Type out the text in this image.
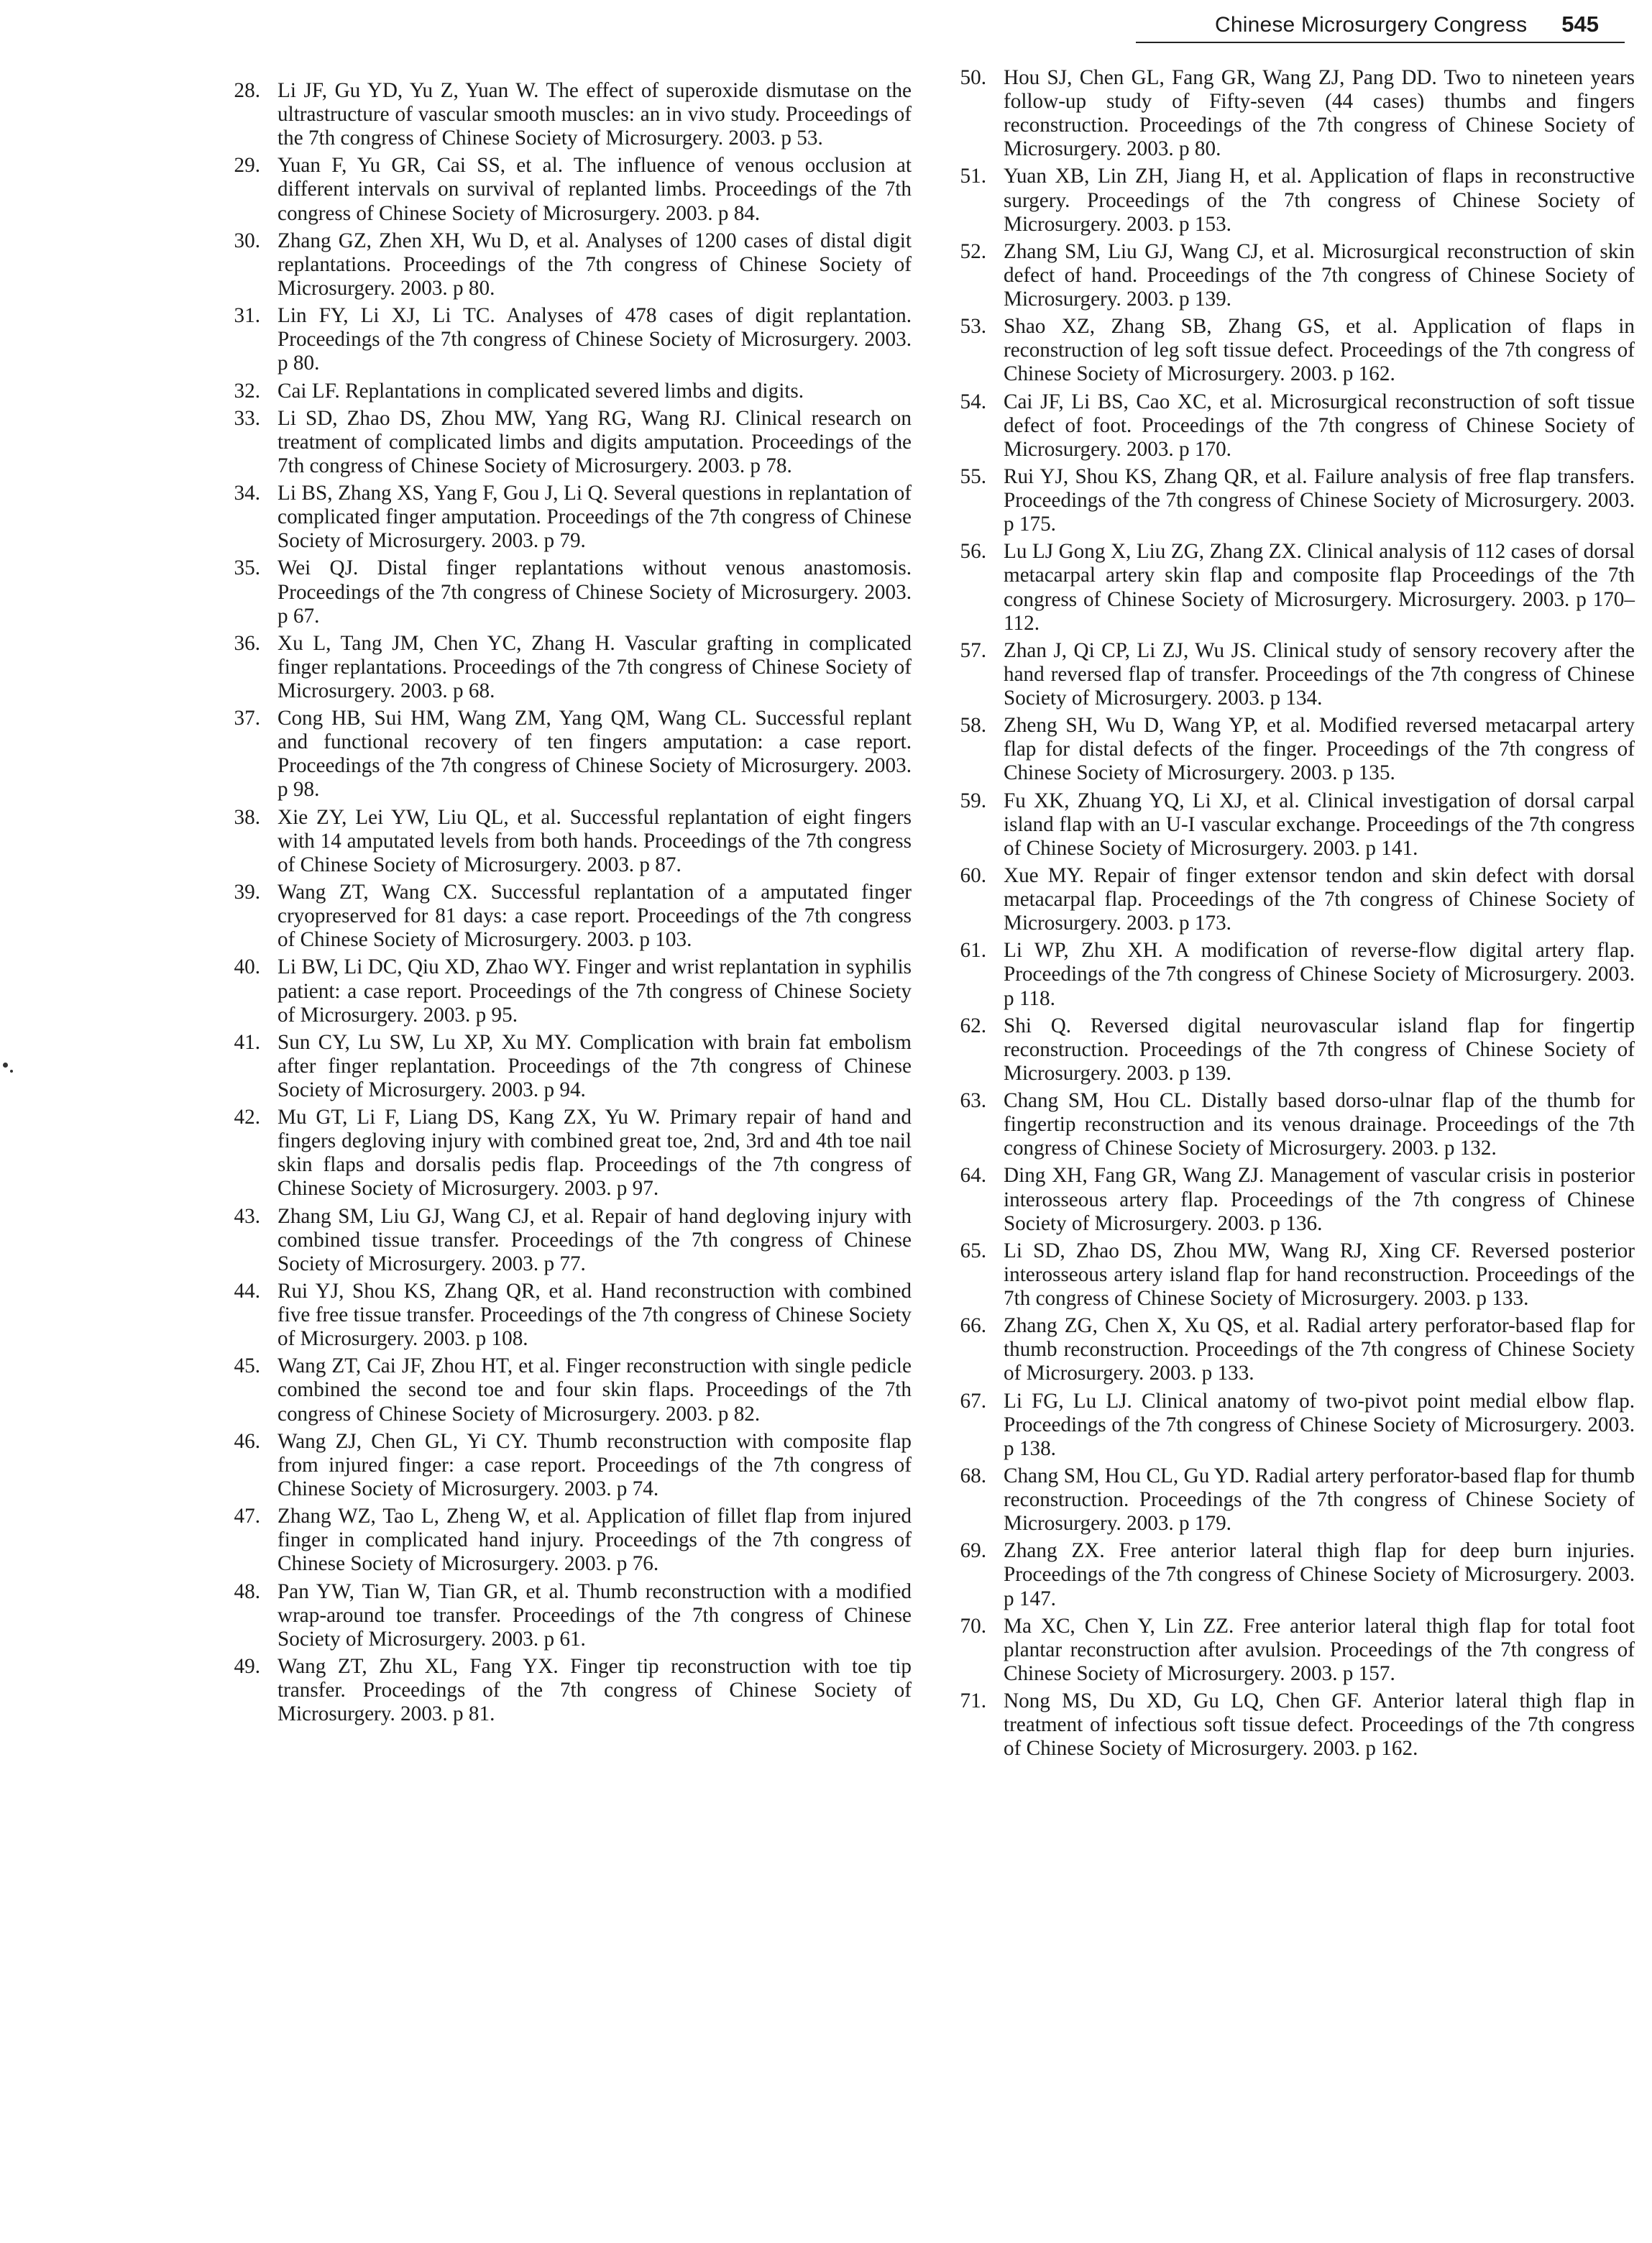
Chinese Microsurgery Congress 545
28. Li JF, Gu YD, Yu Z, Yuan W. The effect of superoxide dismutase on the ultrastructure of vascular smooth muscles: an in vivo study. Proceedings of the 7th congress of Chinese Society of Microsurgery. 2003. p 53.
29. Yuan F, Yu GR, Cai SS, et al. The influence of venous occlusion at different intervals on survival of replanted limbs. Proceedings of the 7th congress of Chinese Society of Microsurgery. 2003. p 84.
30. Zhang GZ, Zhen XH, Wu D, et al. Analyses of 1200 cases of distal digit replantations. Proceedings of the 7th congress of Chinese Society of Microsurgery. 2003. p 80.
31. Lin FY, Li XJ, Li TC. Analyses of 478 cases of digit replantation. Proceedings of the 7th congress of Chinese Society of Microsurgery. 2003. p 80.
32. Cai LF. Replantations in complicated severed limbs and digits.
33. Li SD, Zhao DS, Zhou MW, Yang RG, Wang RJ. Clinical research on treatment of complicated limbs and digits amputation. Proceedings of the 7th congress of Chinese Society of Microsurgery. 2003. p 78.
34. Li BS, Zhang XS, Yang F, Gou J, Li Q. Several questions in replantation of complicated finger amputation. Proceedings of the 7th congress of Chinese Society of Microsurgery. 2003. p 79.
35. Wei QJ. Distal finger replantations without venous anastomosis. Proceedings of the 7th congress of Chinese Society of Microsurgery. 2003. p 67.
36. Xu L, Tang JM, Chen YC, Zhang H. Vascular grafting in complicated finger replantations. Proceedings of the 7th congress of Chinese Society of Microsurgery. 2003. p 68.
37. Cong HB, Sui HM, Wang ZM, Yang QM, Wang CL. Successful replant and functional recovery of ten fingers amputation: a case report. Proceedings of the 7th congress of Chinese Society of Microsurgery. 2003. p 98.
38. Xie ZY, Lei YW, Liu QL, et al. Successful replantation of eight fingers with 14 amputated levels from both hands. Proceedings of the 7th congress of Chinese Society of Microsurgery. 2003. p 87.
39. Wang ZT, Wang CX. Successful replantation of a amputated finger cryopreserved for 81 days: a case report. Proceedings of the 7th congress of Chinese Society of Microsurgery. 2003. p 103.
40. Li BW, Li DC, Qiu XD, Zhao WY. Finger and wrist replantation in syphilis patient: a case report. Proceedings of the 7th congress of Chinese Society of Microsurgery. 2003. p 95.
41. Sun CY, Lu SW, Lu XP, Xu MY. Complication with brain fat embolism after finger replantation. Proceedings of the 7th congress of Chinese Society of Microsurgery. 2003. p 94.
42. Mu GT, Li F, Liang DS, Kang ZX, Yu W. Primary repair of hand and fingers degloving injury with combined great toe, 2nd, 3rd and 4th toe nail skin flaps and dorsalis pedis flap. Proceedings of the 7th congress of Chinese Society of Microsurgery. 2003. p 97.
43. Zhang SM, Liu GJ, Wang CJ, et al. Repair of hand degloving injury with combined tissue transfer. Proceedings of the 7th congress of Chinese Society of Microsurgery. 2003. p 77.
44. Rui YJ, Shou KS, Zhang QR, et al. Hand reconstruction with combined five free tissue transfer. Proceedings of the 7th congress of Chinese Society of Microsurgery. 2003. p 108.
45. Wang ZT, Cai JF, Zhou HT, et al. Finger reconstruction with single pedicle combined the second toe and four skin flaps. Proceedings of the 7th congress of Chinese Society of Microsurgery. 2003. p 82.
46. Wang ZJ, Chen GL, Yi CY. Thumb reconstruction with composite flap from injured finger: a case report. Proceedings of the 7th congress of Chinese Society of Microsurgery. 2003. p 74.
47. Zhang WZ, Tao L, Zheng W, et al. Application of fillet flap from injured finger in complicated hand injury. Proceedings of the 7th congress of Chinese Society of Microsurgery. 2003. p 76.
48. Pan YW, Tian W, Tian GR, et al. Thumb reconstruction with a modified wrap-around toe transfer. Proceedings of the 7th congress of Chinese Society of Microsurgery. 2003. p 61.
49. Wang ZT, Zhu XL, Fang YX. Finger tip reconstruction with toe tip transfer. Proceedings of the 7th congress of Chinese Society of Microsurgery. 2003. p 81.
50. Hou SJ, Chen GL, Fang GR, Wang ZJ, Pang DD. Two to nineteen years follow-up study of Fifty-seven (44 cases) thumbs and fingers reconstruction. Proceedings of the 7th congress of Chinese Society of Microsurgery. 2003. p 80.
51. Yuan XB, Lin ZH, Jiang H, et al. Application of flaps in reconstructive surgery. Proceedings of the 7th congress of Chinese Society of Microsurgery. 2003. p 153.
52. Zhang SM, Liu GJ, Wang CJ, et al. Microsurgical reconstruction of skin defect of hand. Proceedings of the 7th congress of Chinese Society of Microsurgery. 2003. p 139.
53. Shao XZ, Zhang SB, Zhang GS, et al. Application of flaps in reconstruction of leg soft tissue defect. Proceedings of the 7th congress of Chinese Society of Microsurgery. 2003. p 162.
54. Cai JF, Li BS, Cao XC, et al. Microsurgical reconstruction of soft tissue defect of foot. Proceedings of the 7th congress of Chinese Society of Microsurgery. 2003. p 170.
55. Rui YJ, Shou KS, Zhang QR, et al. Failure analysis of free flap transfers. Proceedings of the 7th congress of Chinese Society of Microsurgery. 2003. p 175.
56. Lu LJ Gong X, Liu ZG, Zhang ZX. Clinical analysis of 112 cases of dorsal metacarpal artery skin flap and composite flap Proceedings of the 7th congress of Chinese Society of Microsurgery. Microsurgery. 2003. p 170–112.
57. Zhan J, Qi CP, Li ZJ, Wu JS. Clinical study of sensory recovery after the hand reversed flap of transfer. Proceedings of the 7th congress of Chinese Society of Microsurgery. 2003. p 134.
58. Zheng SH, Wu D, Wang YP, et al. Modified reversed metacarpal artery flap for distal defects of the finger. Proceedings of the 7th congress of Chinese Society of Microsurgery. 2003. p 135.
59. Fu XK, Zhuang YQ, Li XJ, et al. Clinical investigation of dorsal carpal island flap with an U-I vascular exchange. Proceedings of the 7th congress of Chinese Society of Microsurgery. 2003. p 141.
60. Xue MY. Repair of finger extensor tendon and skin defect with dorsal metacarpal flap. Proceedings of the 7th congress of Chinese Society of Microsurgery. 2003. p 173.
61. Li WP, Zhu XH. A modification of reverse-flow digital artery flap. Proceedings of the 7th congress of Chinese Society of Microsurgery. 2003. p 118.
62. Shi Q. Reversed digital neurovascular island flap for fingertip reconstruction. Proceedings of the 7th congress of Chinese Society of Microsurgery. 2003. p 139.
63. Chang SM, Hou CL. Distally based dorso-ulnar flap of the thumb for fingertip reconstruction and its venous drainage. Proceedings of the 7th congress of Chinese Society of Microsurgery. 2003. p 132.
64. Ding XH, Fang GR, Wang ZJ. Management of vascular crisis in posterior interosseous artery flap. Proceedings of the 7th congress of Chinese Society of Microsurgery. 2003. p 136.
65. Li SD, Zhao DS, Zhou MW, Wang RJ, Xing CF. Reversed posterior interosseous artery island flap for hand reconstruction. Proceedings of the 7th congress of Chinese Society of Microsurgery. 2003. p 133.
66. Zhang ZG, Chen X, Xu QS, et al. Radial artery perforator-based flap for thumb reconstruction. Proceedings of the 7th congress of Chinese Society of Microsurgery. 2003. p 133.
67. Li FG, Lu LJ. Clinical anatomy of two-pivot point medial elbow flap. Proceedings of the 7th congress of Chinese Society of Microsurgery. 2003. p 138.
68. Chang SM, Hou CL, Gu YD. Radial artery perforator-based flap for thumb reconstruction. Proceedings of the 7th congress of Chinese Society of Microsurgery. 2003. p 179.
69. Zhang ZX. Free anterior lateral thigh flap for deep burn injuries. Proceedings of the 7th congress of Chinese Society of Microsurgery. 2003. p 147.
70. Ma XC, Chen Y, Lin ZZ. Free anterior lateral thigh flap for total foot plantar reconstruction after avulsion. Proceedings of the 7th congress of Chinese Society of Microsurgery. 2003. p 157.
71. Nong MS, Du XD, Gu LQ, Chen GF. Anterior lateral thigh flap in treatment of infectious soft tissue defect. Proceedings of the 7th congress of Chinese Society of Microsurgery. 2003. p 162.
